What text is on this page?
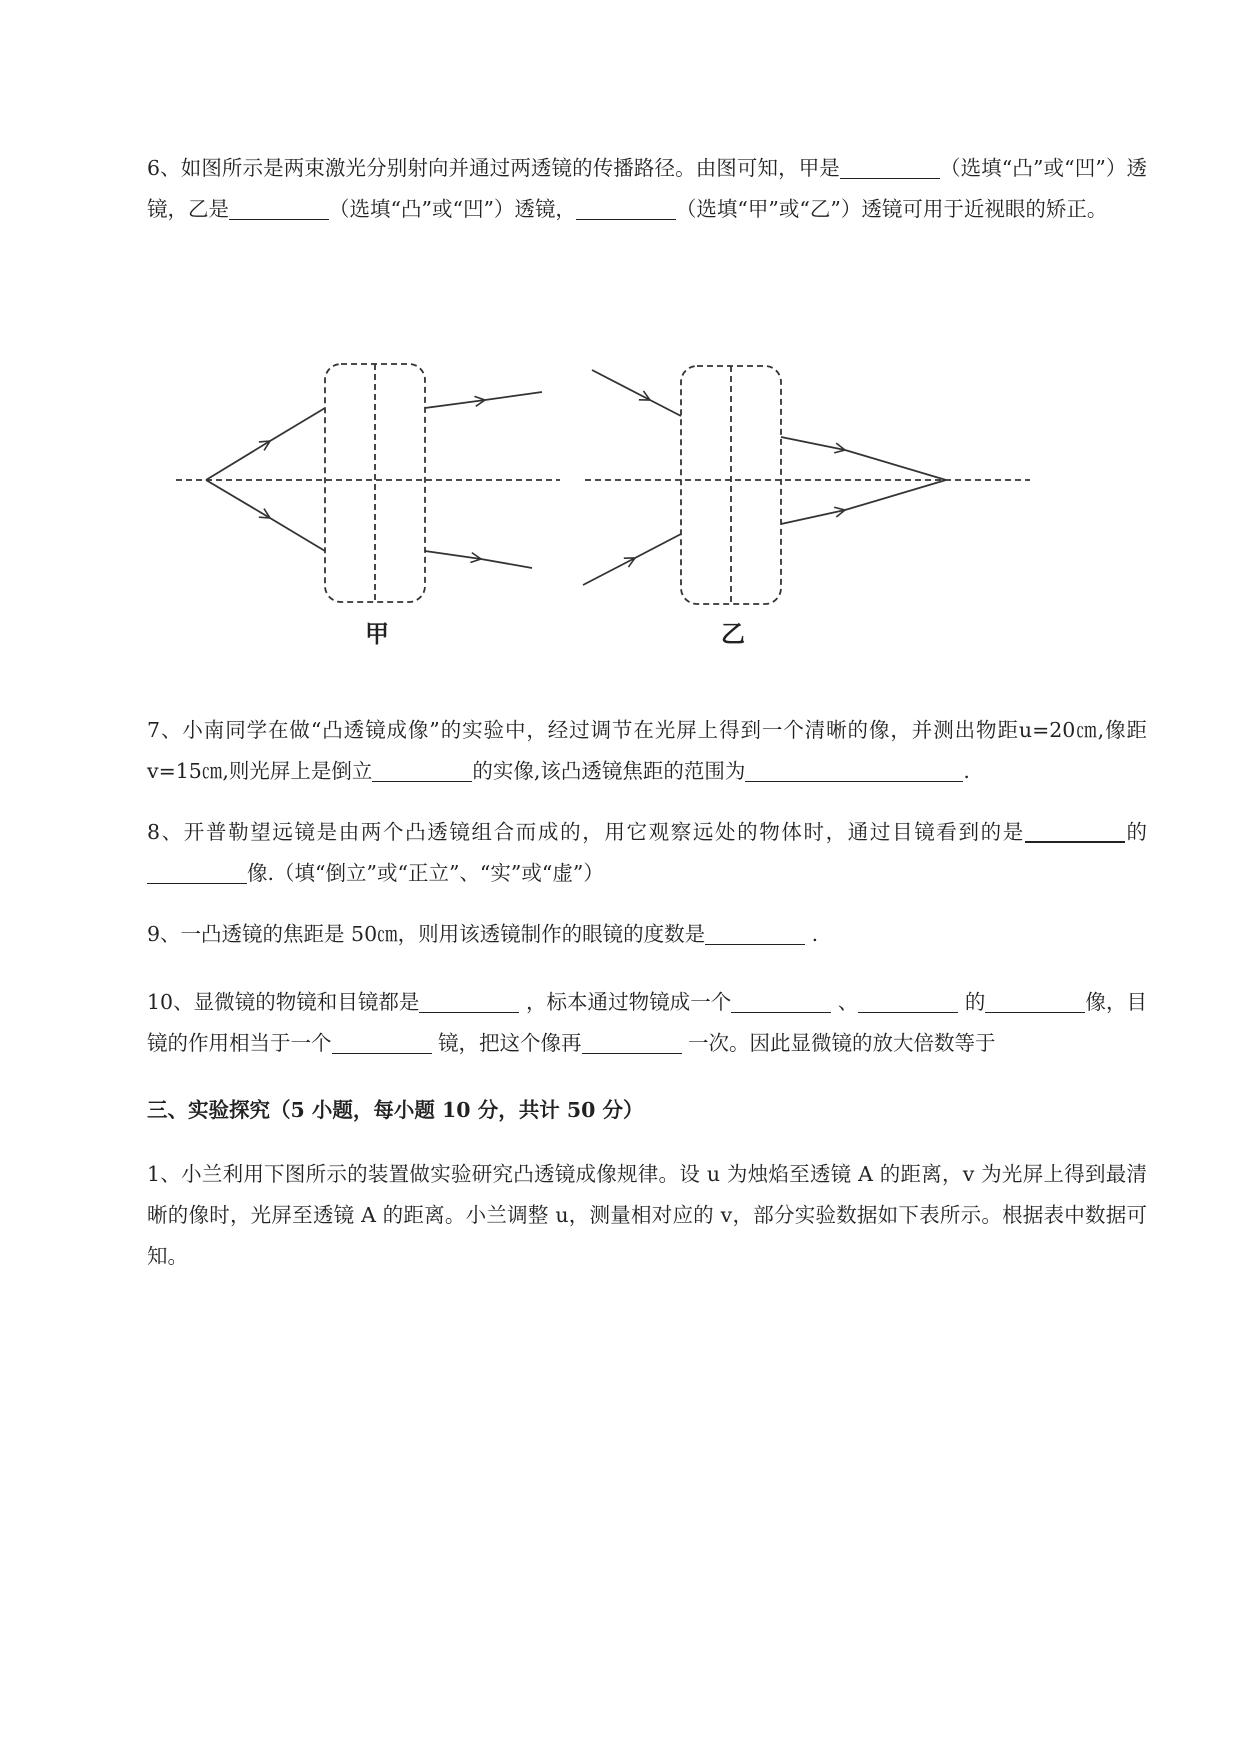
6、如图所示是两束激光分别射向并通过两透镜的传播路径。由图可知，甲是	（选填“凸”或“凹”）透镜，乙是	（选填“凸”或“凹”）透镜，	（选填“甲”或“乙”）透镜可用于近视眼的矫正。

甲	乙

7、小南同学在做“凸透镜成像”的实验中，经过调节在光屏上得到一个清晰的像，并测出物距u=20㎝,像距v=15㎝,则光屏上是倒立	的实像,该凸透镜焦距的范围为	.

8、开普勒望远镜是由两个凸透镜组合而成的，用它观察远处的物体时，通过目镜看到的是	的像.（填“倒立”或“正立”、“实”或“虚”）

9、一凸透镜的焦距是 50㎝，则用该透镜制作的眼镜的度数是	.

10、显微镜的物镜和目镜都是	，标本通过物镜成一个	、	的	像，目镜的作用相当于一个	镜，把这个像再	一次。因此显微镜的放大倍数等于

三、实验探究（5 小题，每小题 10 分，共计 50 分）

1、小兰利用下图所示的装置做实验研究凸透镜成像规律。设 u 为烛焰至透镜 A 的距离，v 为光屏上得到最清晰的像时，光屏至透镜 A 的距离。小兰调整 u，测量相对应的 v，部分实验数据如下表所示。根据表中数据可知。
